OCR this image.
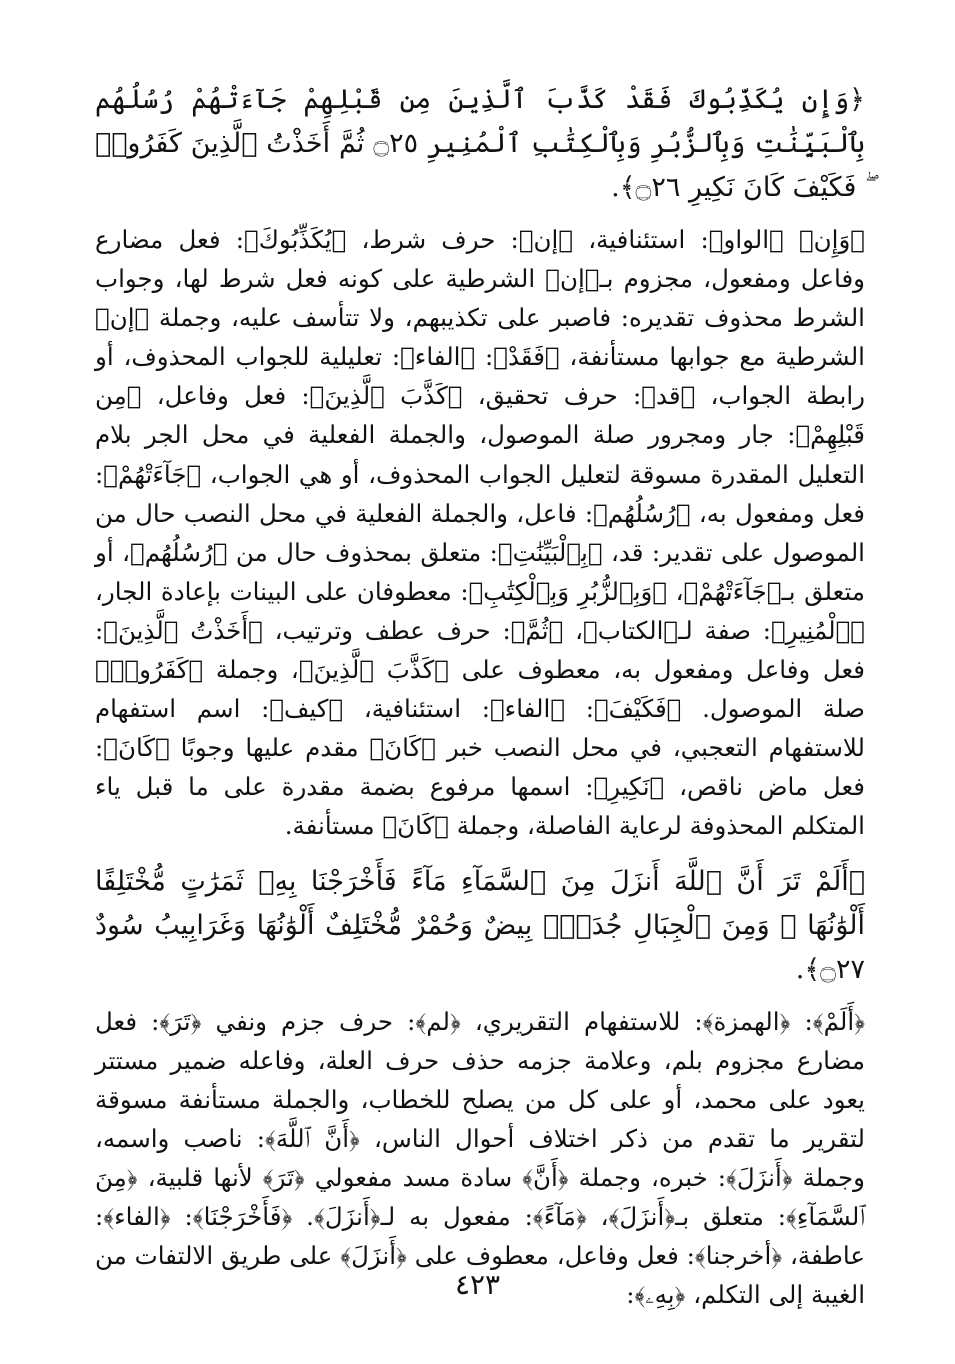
﴿وَإِن يُكَذِّبُوكَ فَقَدْ كَذَّبَ ٱلَّذِينَ مِن قَبْلِهِمْ جَآءَتْهُمْ رُسُلُهُم بِٱلْبَيِّنَٰتِ وَبِٱلزُّبُرِ وَبِٱلْكِتَٰبِ ٱلْمُنِيرِ ۝٢٥ ثُمَّ أَخَذْتُ ٱلَّذِينَ كَفَرُوا۟ ۖ فَكَيْفَ كَانَ نَكِيرِ ۝٢٦﴾.

﴿وَإِن﴾ ﴿الواو﴾: استئنافية، ﴿إن﴾: حرف شرط، ﴿يُكَذِّبُوكَ﴾: فعل مضارع وفاعل ومفعول، مجزوم بـ﴿إن﴾ الشرطية على كونه فعل شرط لها، وجواب الشرط محذوف تقديره: فاصبر على تكذيبهم، ولا تتأسف عليه، وجملة ﴿إن﴾ الشرطية مع جوابها مستأنفة، ﴿فَقَدْ﴾: ﴿الفاء﴾: تعليلية للجواب المحذوف، أو رابطة الجواب، ﴿قد﴾: حرف تحقيق، ﴿كَذَّبَ ٱلَّذِينَ﴾: فعل وفاعل، ﴿مِن قَبْلِهِمْ﴾: جار ومجرور صلة الموصول، والجملة الفعلية في محل الجر بلام التعليل المقدرة مسوقة لتعليل الجواب المحذوف، أو هي الجواب، ﴿جَآءَتْهُمْ﴾: فعل ومفعول به، ﴿رُسُلُهُم﴾: فاعل، والجملة الفعلية في محل النصب حال من الموصول على تقدير: قد، ﴿بِٱلْبَيِّنَٰتِ﴾: متعلق بمحذوف حال من ﴿رُسُلُهُم﴾، أو متعلق بـ﴿جَآءَتْهُمْ﴾، ﴿وَبِٱلزُّبُرِ وَبِٱلْكِتَٰبِ﴾: معطوفان على البينات بإعادة الجار، ﴿ٱلْمُنِيرِ﴾: صفة لـ﴿الكتاب﴾، ﴿ثُمَّ﴾: حرف عطف وترتيب، ﴿أَخَذْتُ ٱلَّذِينَ﴾: فعل وفاعل ومفعول به، معطوف على ﴿كَذَّبَ ٱلَّذِينَ﴾، وجملة ﴿كَفَرُوا۟﴾ صلة الموصول. ﴿فَكَيْفَ﴾: ﴿الفاء﴾: استئنافية، ﴿كيف﴾: اسم استفهام للاستفهام التعجبي، في محل النصب خبر ﴿كَانَ﴾ مقدم عليها وجوبًا ﴿كَانَ﴾: فعل ماض ناقص، ﴿نَكِيرِ﴾: اسمها مرفوع بضمة مقدرة على ما قبل ياء المتكلم المحذوفة لرعاية الفاصلة، وجملة ﴿كَانَ﴾ مستأنفة.

﴿أَلَمْ تَرَ أَنَّ ٱللَّهَ أَنزَلَ مِنَ ٱلسَّمَآءِ مَآءً فَأَخْرَجْنَا بِهِۦ ثَمَرَٰتٍ مُّخْتَلِفًا أَلْوَٰنُهَا ۚ وَمِنَ ٱلْجِبَالِ جُدَدٌۢ بِيضٌ وَحُمْرٌ مُّخْتَلِفٌ أَلْوَٰنُهَا وَغَرَابِيبُ سُودٌ ۝٢٧﴾.

﴿أَلَمْ﴾: ﴿الهمزة﴾: للاستفهام التقريري، ﴿لم﴾: حرف جزم ونفي ﴿تَرَ﴾: فعل مضارع مجزوم بلم، وعلامة جزمه حذف حرف العلة، وفاعله ضمير مستتر يعود على محمد، أو على كل من يصلح للخطاب، والجملة مستأنفة مسوقة لتقرير ما تقدم من ذكر اختلاف أحوال الناس، ﴿أَنَّ ٱللَّهَ﴾: ناصب واسمه، وجملة ﴿أَنزَلَ﴾: خبره، وجملة ﴿أَنَّ﴾ سادة مسد مفعولي ﴿تَرَ﴾ لأنها قلبية، ﴿مِنَ ٱلسَّمَآءِ﴾: متعلق بـ﴿أَنزَلَ﴾، ﴿مَآءً﴾: مفعول به لـ﴿أَنزَلَ﴾. ﴿فَأَخْرَجْنَا﴾: ﴿الفاء﴾: عاطفة، ﴿أخرجنا﴾: فعل وفاعل، معطوف على ﴿أَنزَلَ﴾ على طريق الالتفات من الغيبة إلى التكلم، ﴿بِهِۦ﴾:

٤٢٣
